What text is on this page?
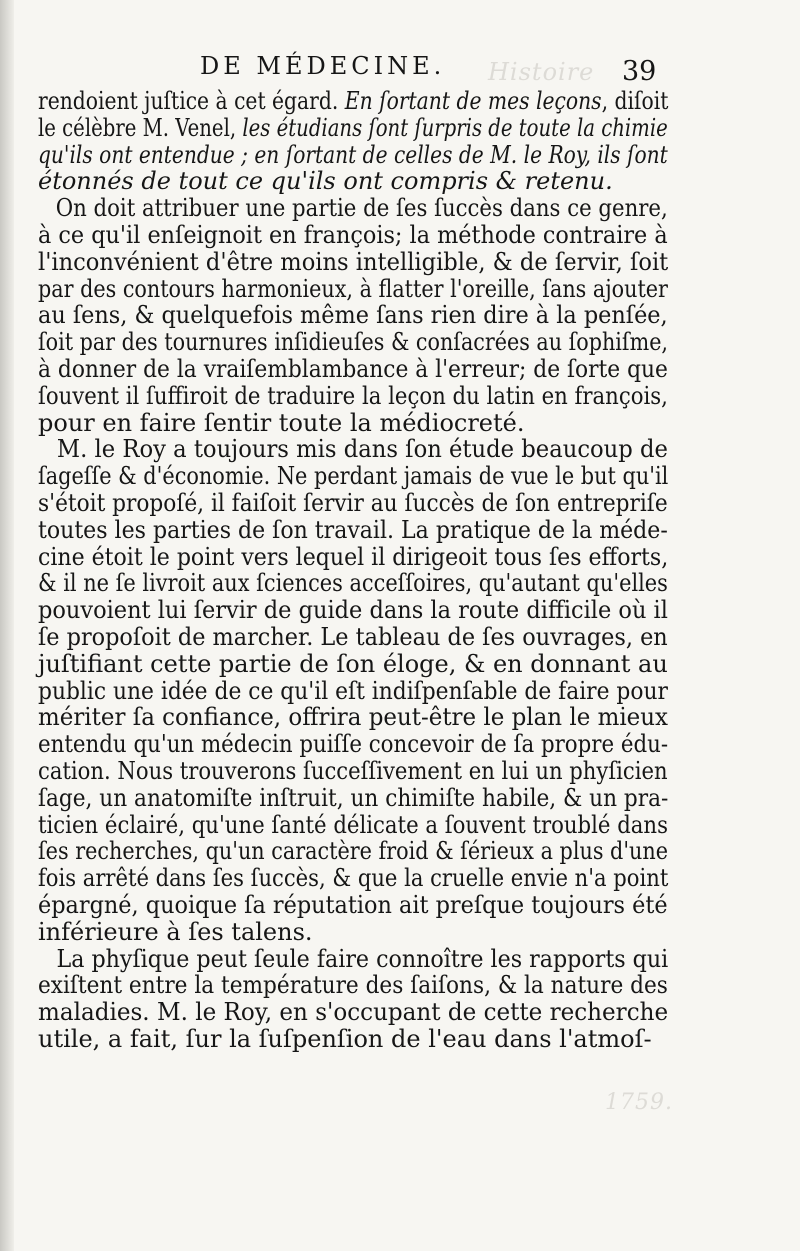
Histoire
1759.
DE MÉDECINE.	39
rendoient juſtice à cet égard. En ſortant de mes leçons, diſoit
le célèbre M. Venel, les étudians ſont ſurpris de toute la chimie
qu'ils ont entendue ; en ſortant de celles de M. le Roy, ils ſont
étonnés de tout ce qu'ils ont compris & retenu.
On doit attribuer une partie de ſes ſuccès dans ce genre,
à ce qu'il enſeignoit en françois; la méthode contraire à
l'inconvénient d'être moins intelligible, & de ſervir, ſoit
par des contours harmonieux, à flatter l'oreille, ſans ajouter
au ſens, & quelquefois même ſans rien dire à la penſée,
ſoit par des tournures inſidieuſes & conſacrées au ſophiſme,
à donner de la vraiſemblambance à l'erreur; de ſorte que
ſouvent il ſuffiroit de traduire la leçon du latin en françois,
pour en faire ſentir toute la médiocreté.
M. le Roy a toujours mis dans ſon étude beaucoup de
ſageſſe & d'économie. Ne perdant jamais de vue le but qu'il
s'étoit propoſé, il faiſoit ſervir au ſuccès de ſon entrepriſe
toutes les parties de ſon travail. La pratique de la méde-
cine étoit le point vers lequel il dirigeoit tous ſes efforts,
& il ne ſe livroit aux ſciences acceſſoires, qu'autant qu'elles
pouvoient lui ſervir de guide dans la route difficile où il
ſe propoſoit de marcher. Le tableau de ſes ouvrages, en
juſtifiant cette partie de ſon éloge, & en donnant au
public une idée de ce qu'il eſt indiſpenſable de faire pour
mériter ſa confiance, offrira peut-être le plan le mieux
entendu qu'un médecin puiſſe concevoir de ſa propre édu-
cation. Nous trouverons ſucceſſivement en lui un phyſicien
ſage, un anatomiſte inſtruit, un chimiſte habile, & un pra-
ticien éclairé, qu'une ſanté délicate a ſouvent troublé dans
ſes recherches, qu'un caractère froid & ſérieux a plus d'une
fois arrêté dans ſes ſuccès, & que la cruelle envie n'a point
épargné, quoique ſa réputation ait preſque toujours été
inférieure à ſes talens.
La phyſique peut ſeule faire connoître les rapports qui
exiſtent entre la température des ſaiſons, & la nature des
maladies. M. le Roy, en s'occupant de cette recherche
utile, a fait, ſur la ſuſpenſion de l'eau dans l'atmoſ-
